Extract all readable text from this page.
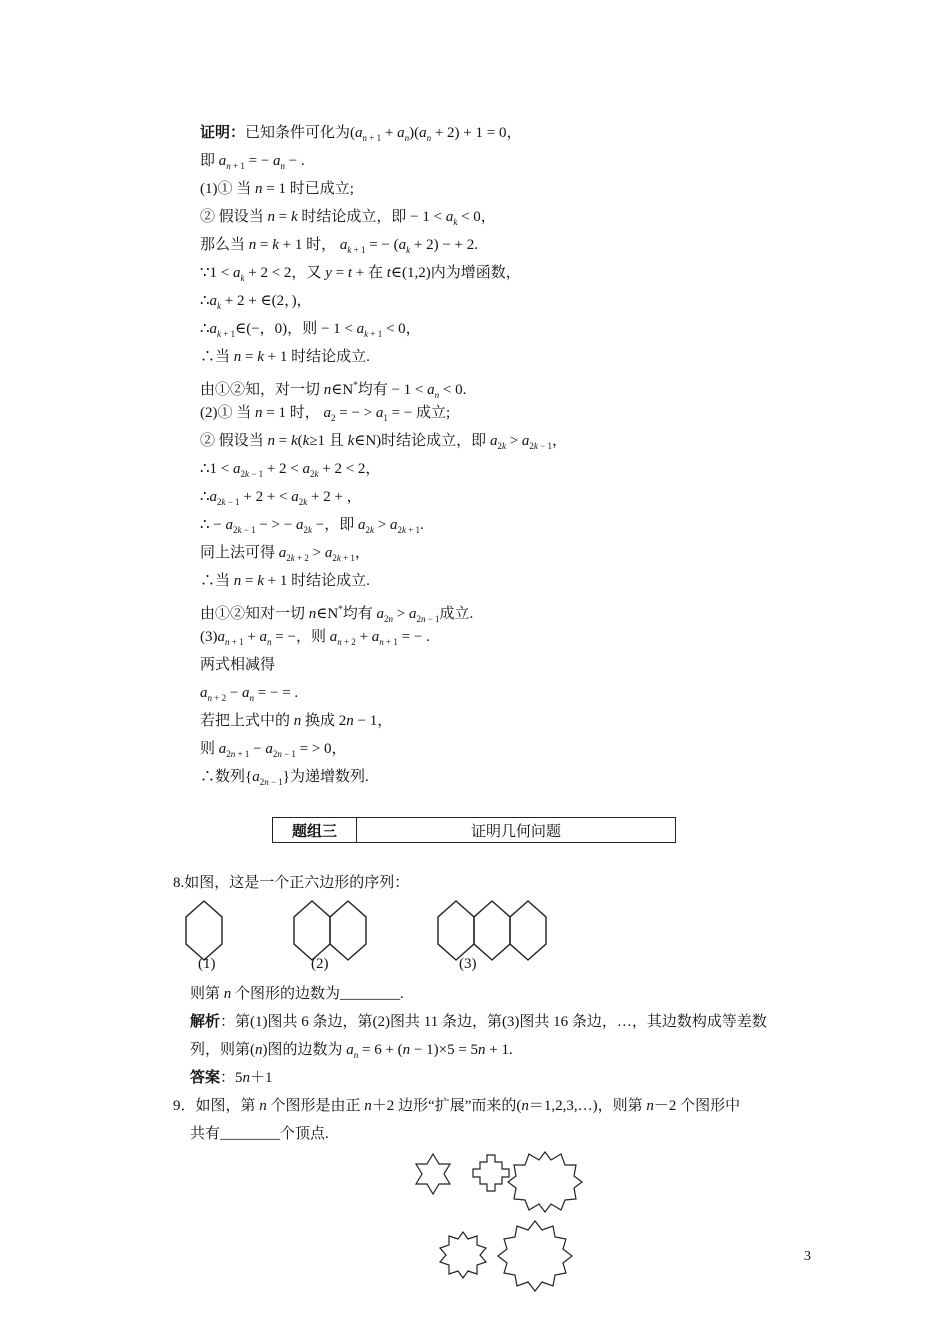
证明：已知条件可化为$(a_{n + 1} + a_n)(a_n + 2) + 1 = 0$，
即 $a_{n + 1}$ = − $a_n$ − .
(1)① 当 n = 1 时已成立;
② 假设当 n = k 时结论成立，即 − $1 < a_k < 0$，
那么当 n = k + 1 时， $a_{k + 1}$ = − $(a_k + 2)$ − + 2.
∵1 < $a_k + 2 < 2$，又 y = t + 在 t∈(1,2)内为增函数，
$\therefore a_k + 2$ + ∈(2，)，
$\therefore a_{k + 1}\in(-$，0)，则 − $1 < a_{k + 1} < 0$，
∴当 n = k + 1 时结论成立.
由①②知，对一切 n∈N*均有 − $1 < a_n < 0$.
(2)① 当 n = 1 时， $a_2$ = − > $a_1$ = − 成立;
② 假设当 n = k(k≥1 且 k∈N)时结论成立，即 $a_{2k} > a_{2k - 1}$，
∴1 < $a_{2k - 1} + 2 < a_{2k} + 2 < 2$，
$\therefore a_{2k - 1} + 2$ + < $a_{2k} + 2$ + ，
∴ − $a_{2k - 1}$ − > − $a_{2k}$ −，即 $a_{2k} > a_{2k + 1}$.
同上法可得 $a_{2k + 2} > a_{2k + 1}$，
∴当 n = k + 1 时结论成立.
由①②知对一切 n∈N*均有 $a_{2n} > a_{2n - 1}$成立.
$(3)a_{n + 1} + a_n$ = −，则 $a_{n + 2} + a_{n + 1}$ = − .
两式相减得
$a_{n + 2} - a_n$ = − = .
若把上式中的 n 换成 2n − 1，
则 $a_{2n + 1} - a_{2n - 1}$ = > 0，
∴数列$\{a_{2n - 1}\}$为递增数列.
题组三	证明几何问题
8.如图，这是一个正六边形的序列：
(1)	(2)	(3)
则第 n 个图形的边数为________.
解析：第(1)图共 6 条边，第(2)图共 11 条边，第(3)图共 16 条边，…，其边数构成等差数
列，则第(n)图的边数为 $a_n = 6 + (n - 1)\times 5 = 5n + 1$.
答案：5n＋1
9．如图，第 n 个图形是由正 n＋2 边形“扩展”而来的(n＝1,2,3,…)，则第 n－2 个图形中
共有________个顶点.
3
